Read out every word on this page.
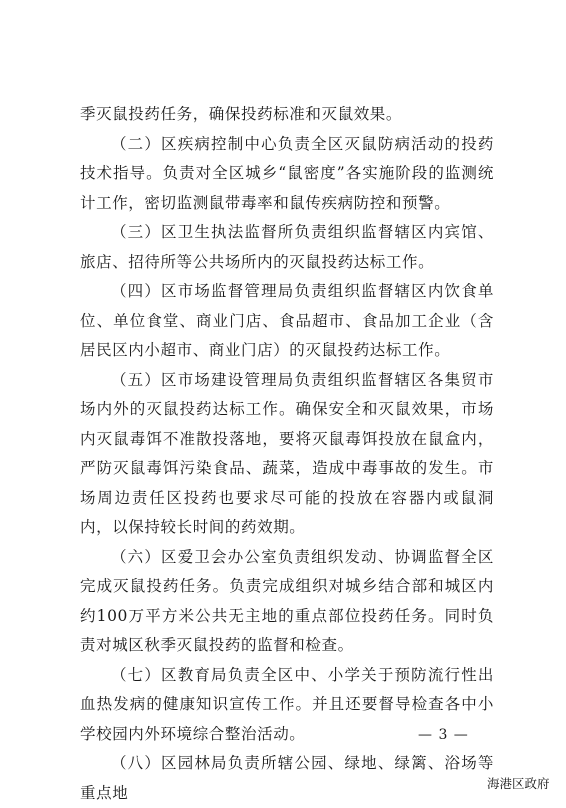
季灭鼠投药任务，确保投药标准和灭鼠效果。

（二）区疾病控制中心负责全区灭鼠防病活动的投药技术指导。负责对全区城乡“鼠密度”各实施阶段的监测统计工作，密切监测鼠带毒率和鼠传疾病防控和预警。

（三）区卫生执法监督所负责组织监督辖区内宾馆、旅店、招待所等公共场所内的灭鼠投药达标工作。

（四）区市场监督管理局负责组织监督辖区内饮食单位、单位食堂、商业门店、食品超市、食品加工企业（含居民区内小超市、商业门店）的灭鼠投药达标工作。

（五）区市场建设管理局负责组织监督辖区各集贸市场内外的灭鼠投药达标工作。确保安全和灭鼠效果，市场内灭鼠毒饵不准散投落地，要将灭鼠毒饵投放在鼠盒内，严防灭鼠毒饵污染食品、蔬菜，造成中毒事故的发生。市场周边责任区投药也要求尽可能的投放在容器内或鼠洞内，以保持较长时间的药效期。

（六）区爱卫会办公室负责组织发动、协调监督全区完成灭鼠投药任务。负责完成组织对城乡结合部和城区内约100万平方米公共无主地的重点部位投药任务。同时负责对城区秋季灭鼠投药的监督和检查。

（七）区教育局负责全区中、小学关于预防流行性出血热发病的健康知识宣传工作。并且还要督导检查各中小学校园内外环境综合整治活动。

（八）区园林局负责所辖公园、绿地、绿篱、浴场等重点地

— 3 —
海港区政府
